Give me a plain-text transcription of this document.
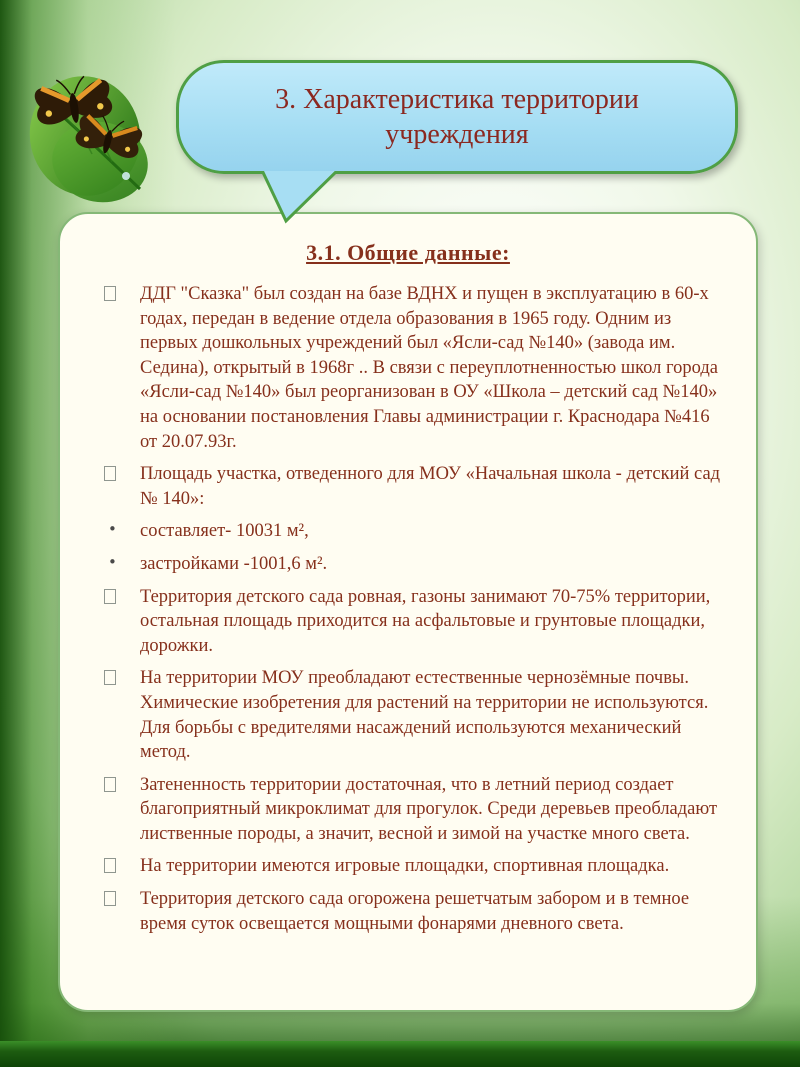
3. Характеристика территории учреждения
3.1. Общие данные:
ДДГ "Сказка" был создан на базе ВДНХ и пущен в эксплуатацию в 60-х годах, передан в ведение отдела образования в 1965 году. Одним из первых дошкольных учреждений был «Ясли-сад №140» (завода им. Седина), открытый в 1968г .. В связи с переуплотненностью школ города «Ясли-сад №140» был реорганизован в ОУ «Школа – детский сад №140» на основании постановления Главы администрации г. Краснодара №416 от 20.07.93г.
Площадь участка, отведенного для МОУ «Начальная школа - детский сад № 140»:
• составляет- 10031 м²,
• застройками -1001,6 м².
Территория детского сада ровная, газоны занимают 70-75% территории, остальная площадь приходится на асфальтовые и грунтовые площадки, дорожки.
На территории МОУ преобладают естественные чернозёмные почвы. Химические изобретения для растений на территории не используются. Для борьбы с вредителями насаждений используются механический метод.
Затененность территории достаточная, что в летний период создает благоприятный микроклимат для прогулок. Среди деревьев преобладают лиственные породы, а значит, весной и зимой на участке много света.
На территории имеются игровые площадки, спортивная площадка.
Территория детского сада огорожена решетчатым забором и в темное время суток освещается мощными фонарями дневного света.
